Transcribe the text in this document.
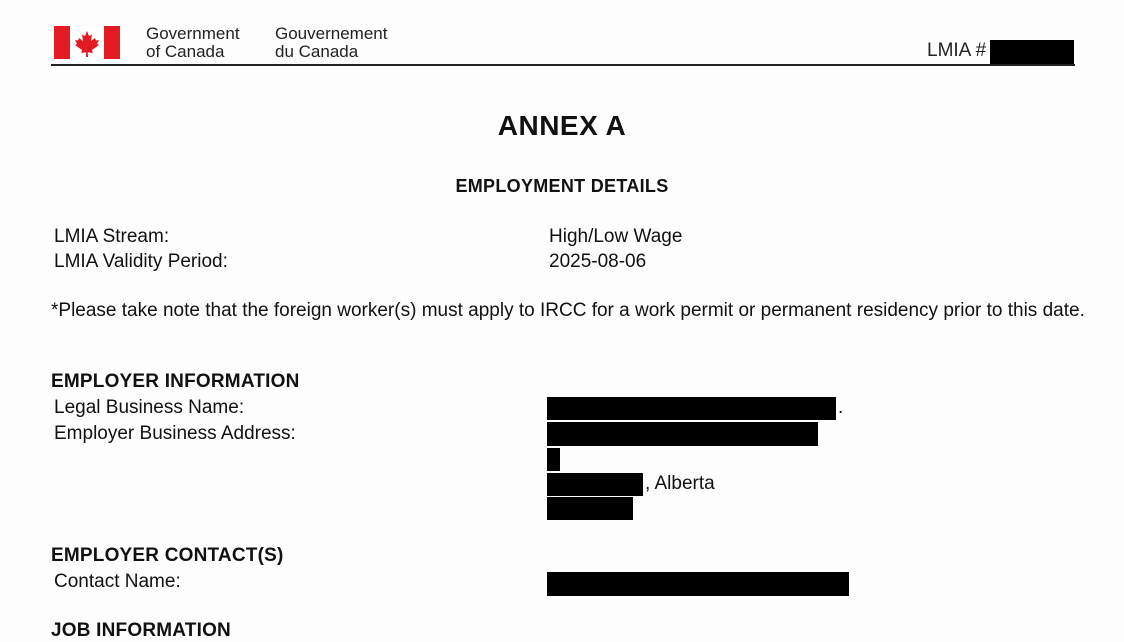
Government
of Canada
Gouvernement
du Canada	LMIA #
ANNEX A
EMPLOYMENT DETAILS
LMIA Stream:	High/Low Wage
LMIA Validity Period:	2025-08-06
*Please take note that the foreign worker(s) must apply to IRCC for a work permit or permanent residency prior to this date.
EMPLOYER INFORMATION
Legal Business Name:	.
Employer Business Address:
, Alberta
EMPLOYER CONTACT(S)
Contact Name:
JOB INFORMATION
